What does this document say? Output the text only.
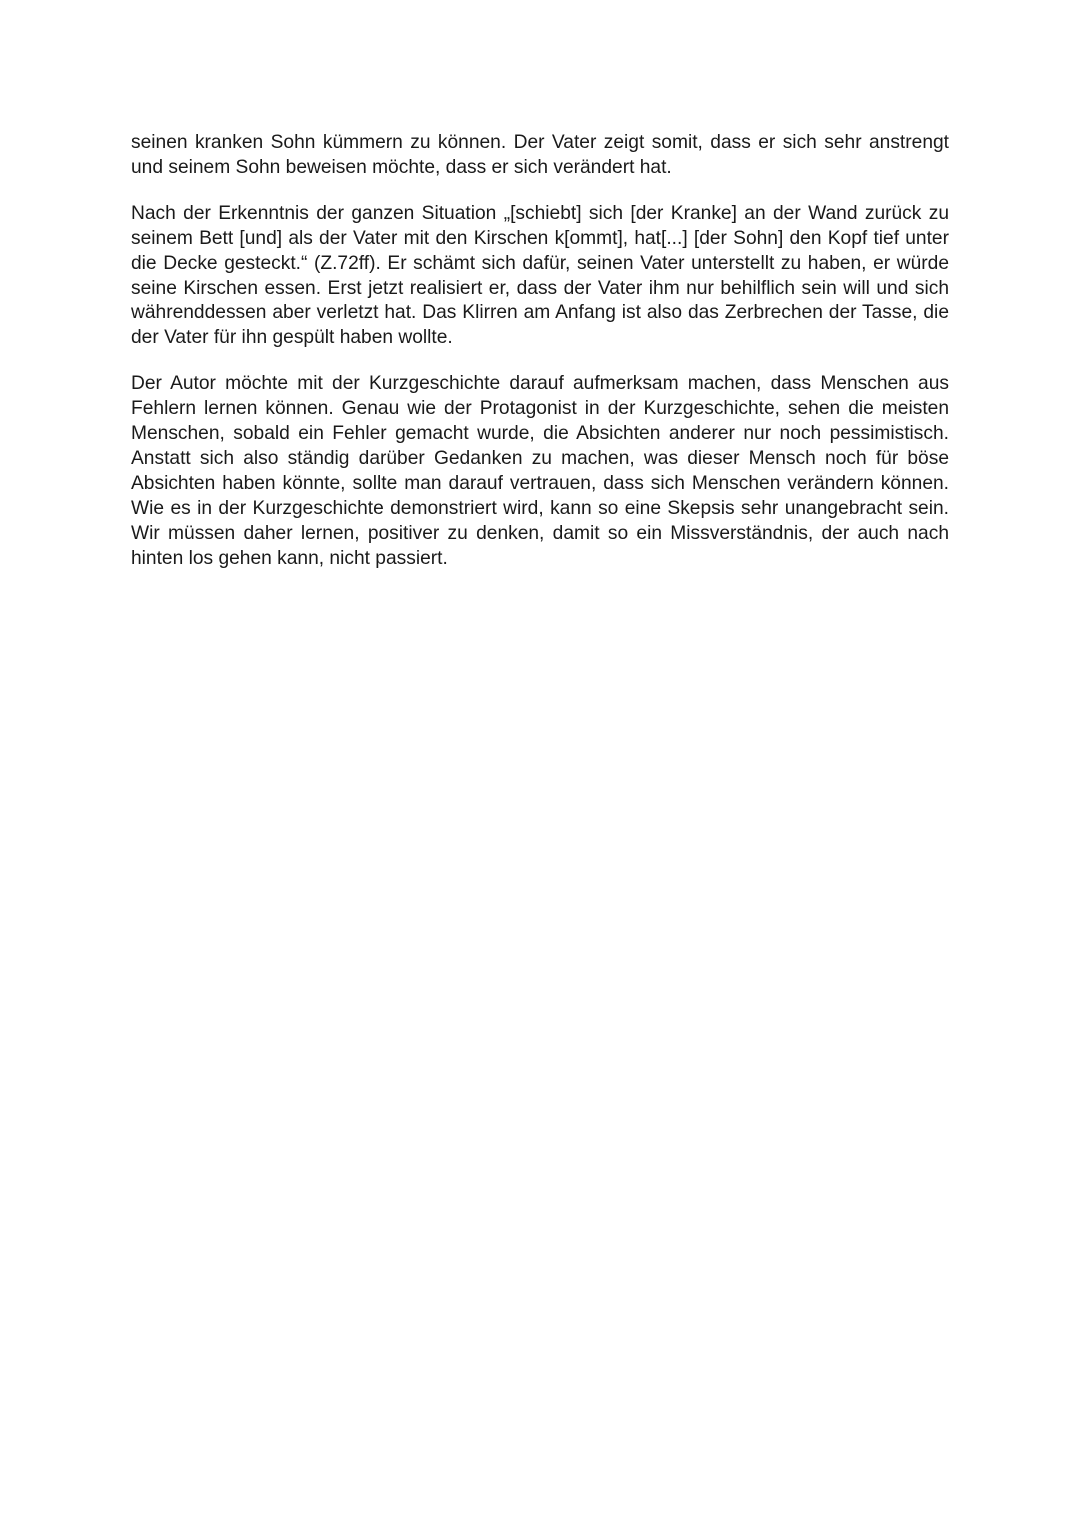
seinen kranken Sohn kümmern zu können. Der Vater zeigt somit, dass er sich sehr anstrengt und seinem Sohn beweisen möchte, dass er sich verändert hat.

Nach der Erkenntnis der ganzen Situation „[schiebt] sich [der Kranke] an der Wand zurück zu seinem Bett [und] als der Vater mit den Kirschen k[ommt], hat[...] [der Sohn] den Kopf tief unter die Decke gesteckt.“ (Z.72ff). Er schämt sich dafür, seinen Vater unterstellt zu haben, er würde seine Kirschen essen. Erst jetzt realisiert er, dass der Vater ihm nur behilflich sein will und sich währenddessen aber verletzt hat. Das Klirren am Anfang ist also das Zerbrechen der Tasse, die der Vater für ihn gespült haben wollte.

Der Autor möchte mit der Kurzgeschichte darauf aufmerksam machen, dass Menschen aus Fehlern lernen können. Genau wie der Protagonist in der Kurzgeschichte, sehen die meisten Menschen, sobald ein Fehler gemacht wurde, die Absichten anderer nur noch pessimistisch. Anstatt sich also ständig darüber Gedanken zu machen, was dieser Mensch noch für böse Absichten haben könnte, sollte man darauf vertrauen, dass sich Menschen verändern können. Wie es in der Kurzgeschichte demonstriert wird, kann so eine Skepsis sehr unangebracht sein. Wir müssen daher lernen, positiver zu denken, damit so ein Missverständnis, der auch nach hinten los gehen kann, nicht passiert.
